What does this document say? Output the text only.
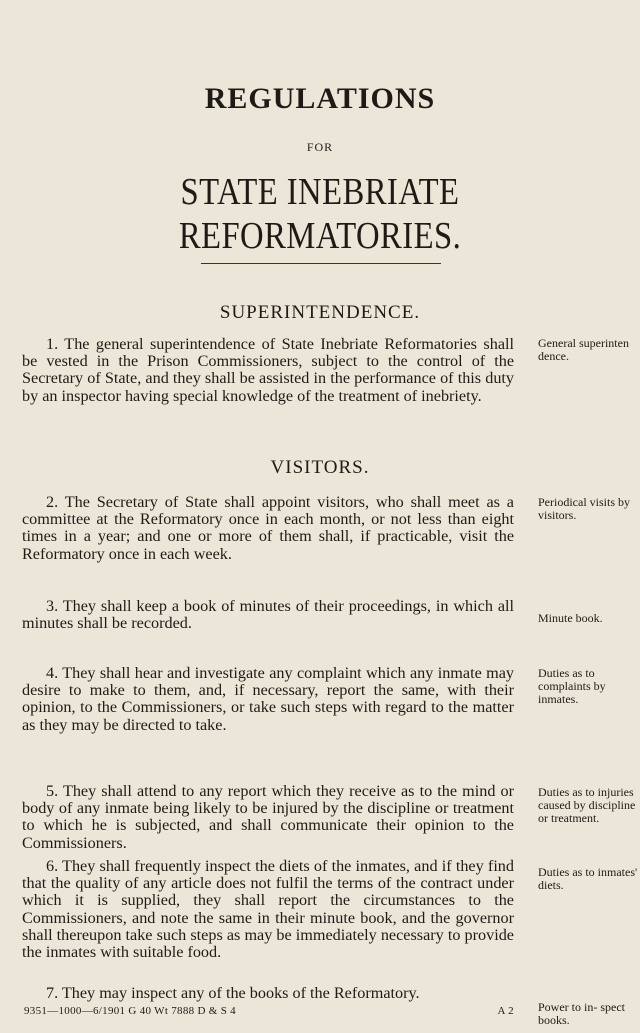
REGULATIONS
FOR
STATE INEBRIATE REFORMATORIES.
SUPERINTENDENCE.
1. The general superintendence of State Inebriate Reformatories shall be vested in the Prison Commissioners, subject to the control of the Secretary of State, and they shall be assisted in the performance of this duty by an inspector having special knowledge of the treatment of inebriety.
General superinten dence.
VISITORS.
2. The Secretary of State shall appoint visitors, who shall meet as a committee at the Reformatory once in each month, or not less than eight times in a year; and one or more of them shall, if practicable, visit the Reformatory once in each week.
Periodical visits by visitors.
3. They shall keep a book of minutes of their proceedings, in which all minutes shall be recorded.	Minute book.
4. They shall hear and investigate any complaint which any inmate may desire to make to them, and, if necessary, report the same, with their opinion, to the Commissioners, or take such steps with regard to the matter as they may be directed to take.
Duties as to complaints by inmates.
5. They shall attend to any report which they receive as to the mind or body of any inmate being likely to be injured by the discipline or treatment to which he is subjected, and shall communicate their opinion to the Commissioners.
Duties as to injuries caused by discipline or treatment.
6. They shall frequently inspect the diets of the inmates, and if they find that the quality of any article does not fulfil the terms of the contract under which it is supplied, they shall report the circumstances to the Commissioners, and note the same in their minute book, and the governor shall thereupon take such steps as may be immediately necessary to provide the inmates with suitable food.
Duties as to inmates' diets.
7. They may inspect any of the books of the Reformatory.
Power to in- spect books.
9351—1000—6/1901 G 40 Wt 7888 D & S 4	A 2
